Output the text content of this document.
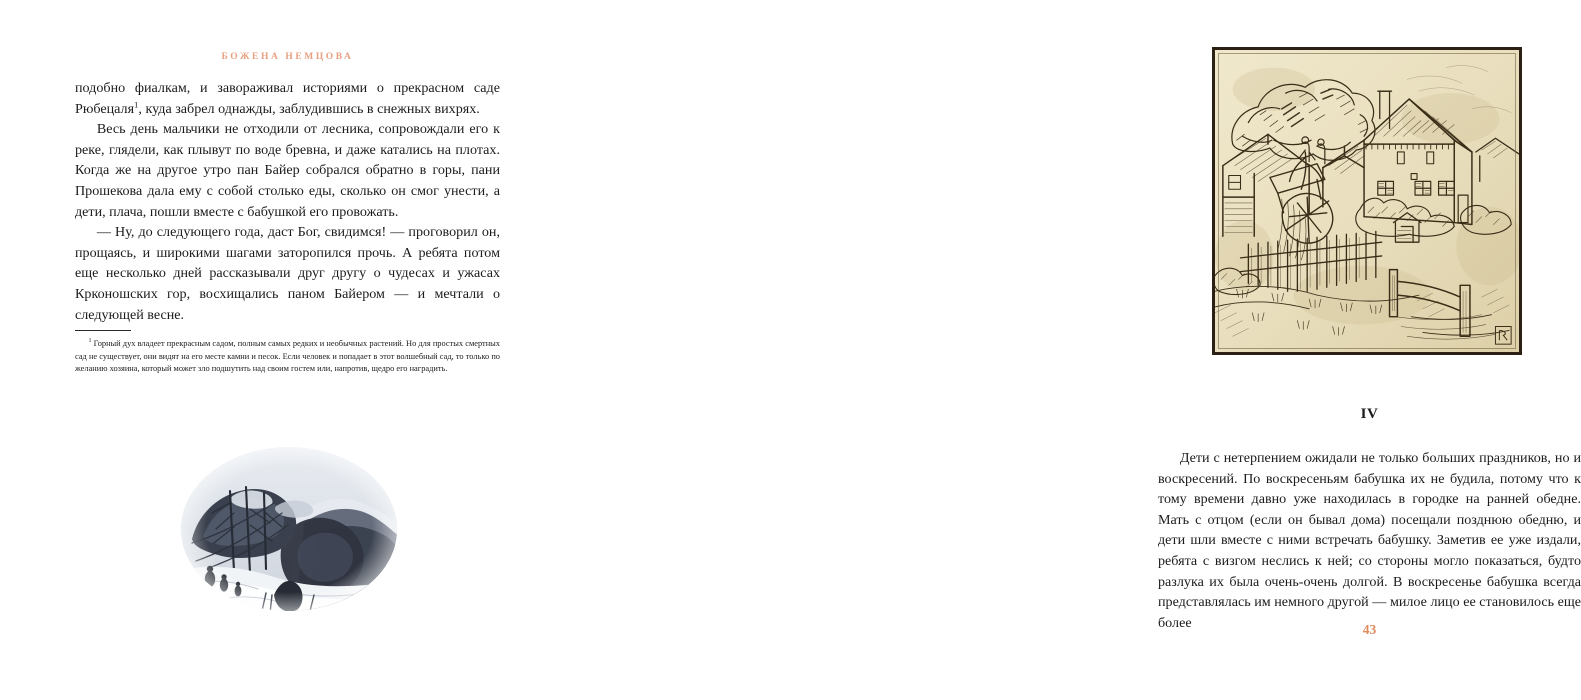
БОЖЕНА НЕМЦОВА

подобно фиалкам, и завораживал историями о прекрасном саде Рюбецаля$^1$, куда забрел однажды, заблудившись в снежных вихрях.

Весь день мальчики не отходили от лесника, сопровождали его к реке, глядели, как плывут по воде бревна, и даже катались на плотах. Когда же на другое утро пан Байер собрался обратно в горы, пани Прошекова дала ему с собой столько еды, сколько он смог унести, а дети, плача, пошли вместе с бабушкой его провожать.

— Ну, до следующего года, даст Бог, свидимся! — проговорил он, прощаясь, и широкими шагами заторопился прочь. А ребята потом еще несколько дней рассказывали друг другу о чудесах и ужасах Крконошских гор, восхищались паном Байером — и мечтали о следующей весне.

$^1$ Горный дух владеет прекрасным садом, полным самых редких и необычных растений. Но для простых смертных сад не существует, они видят на его месте камни и песок. Если человек и попадает в этот волшебный сад, то только по желанию хозяина, который может зло подшутить над своим гостем или, напротив, щедро его наградить.

IV

Дети с нетерпением ожидали не только больших праздников, но и воскресений. По воскресеньям бабушка их не будила, потому что к тому времени давно уже находилась в городке на ранней обедне. Мать с отцом (если он бывал дома) посещали позднюю обедню, и дети шли вместе с ними встречать бабушку. Заметив ее уже издали, ребята с визгом неслись к ней; со стороны могло показаться, будто разлука их была очень-очень долгой. В воскресенье бабушка всегда представлялась им немного другой — милое лицо ее становилось еще более	43
